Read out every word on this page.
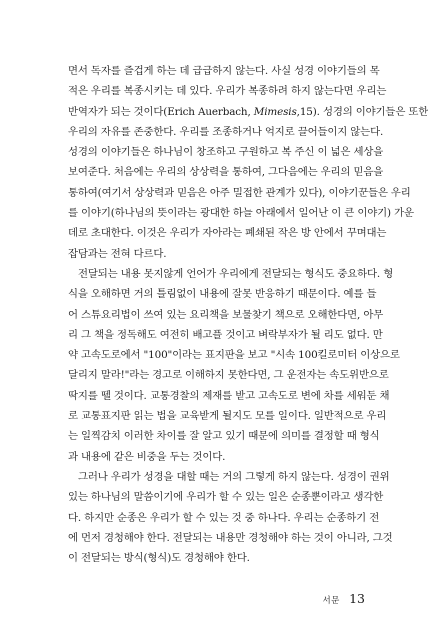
면서 독자를 즐겁게 하는 데 급급하지 않는다. 사실 성경 이야기들의 목
적은 우리를 복종시키는 데 있다. 우리가 복종하려 하지 않는다면 우리는
반역자가 되는 것이다(Erich Auerbach, Mimesis,15). 성경의 이야기들은 또한
우리의 자유를 존중한다. 우리를 조종하거나 억지로 끌어들이지 않는다.
성경의 이야기들은 하나님이 창조하고 구원하고 복 주신 이 넓은 세상을
보여준다. 처음에는 우리의 상상력을 통하여, 그다음에는 우리의 믿음을
통하여(여기서 상상력과 믿음은 아주 밀접한 관계가 있다), 이야기꾼들은 우리
를 이야기(하나님의 뜻이라는 광대한 하늘 아래에서 일어난 이 큰 이야기) 가운
데로 초대한다. 이것은 우리가 자아라는 폐쇄된 작은 방 안에서 꾸며대는
잡담과는 전혀 다르다.
전달되는 내용 못지않게 언어가 우리에게 전달되는 형식도 중요하다. 형
식을 오해하면 거의 틀림없이 내용에 잘못 반응하기 때문이다. 예를 들
어 스튜요리법이 쓰여 있는 요리책을 보물찾기 책으로 오해한다면, 아무
리 그 책을 정독해도 여전히 배고플 것이고 벼락부자가 될 리도 없다. 만
약 고속도로에서 "100"이라는 표지판을 보고 "시속 100킬로미터 이상으로
달리지 말라!"라는 경고로 이해하지 못한다면, 그 운전자는 속도위반으로
딱지를 뗄 것이다. 교통경찰의 제재를 받고 고속도로 변에 차를 세워둔 채
로 교통표지판 읽는 법을 교육받게 될지도 모를 일이다. 일반적으로 우리
는 일찍감치 이러한 차이를 잘 알고 있기 때문에 의미를 결정할 때 형식
과 내용에 같은 비중을 두는 것이다.
그러나 우리가 성경을 대할 때는 거의 그렇게 하지 않는다. 성경이 권위
있는 하나님의 말씀이기에 우리가 할 수 있는 일은 순종뿐이라고 생각한
다. 하지만 순종은 우리가 할 수 있는 것 중 하나다. 우리는 순종하기 전
에 먼저 경청해야 한다. 전달되는 내용만 경청해야 하는 것이 아니라, 그것
이 전달되는 방식(형식)도 경청해야 한다.
서문 13
